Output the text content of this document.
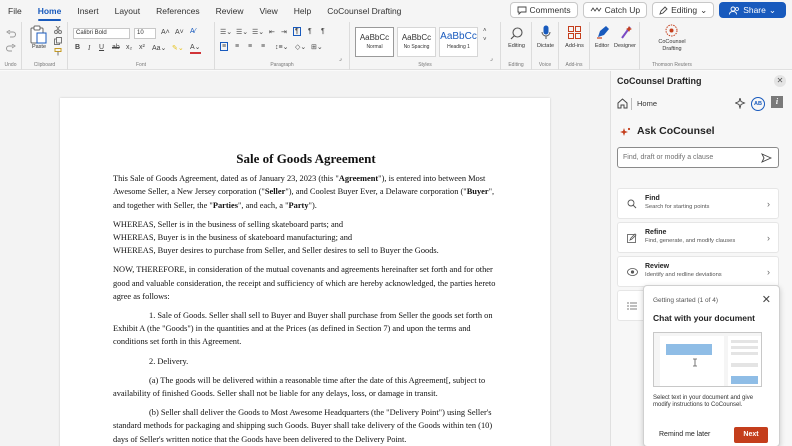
File	Home	Insert	Layout	References	Review	View	Help	CoCounsel Drafting	Comments	Catch Up	Editing ⌄	Share ⌄
Undo
Paste
Clipboard
Calibri Bold	10	A˄ A˅ A⁄
B I U ab x₂ x² Aa⌄ ✎⌄ A⌄
Font
☰⌄ ☰⌄ ☰⌄ ⇤ ⇥ ¶ ¶ ¶
≡ ≡ ≡ ≡ ↕≡⌄ ◇⌄ ⊞⌄
⌟
Paragraph
AaBbCc
Normal
AaBbCc
No Spacing
AaBbCc
Heading 1
˄
˅
⌟
Styles
Editing
Editing
Dictate
Voice
Add-ins
Add-ins
Editor Designer
CoCounsel
Drafting
Thomson Reuters
Sale of Goods Agreement

This Sale of Goods Agreement, dated as of January 23, 2023 (this "Agreement"), is entered into between Most Awesome Seller, a New Jersey corporation ("Seller"), and Coolest Buyer Ever, a Delaware corporation ("Buyer", and together with Seller, the "Parties", and each, a "Party").

WHEREAS, Seller is in the business of selling skateboard parts; and

WHEREAS, Buyer is in the business of skateboard manufacturing; and

WHEREAS, Buyer desires to purchase from Seller, and Seller desires to sell to Buyer the Goods.

NOW, THEREFORE, in consideration of the mutual covenants and agreements hereinafter set forth and for other good and valuable consideration, the receipt and sufficiency of which are hereby acknowledged, the parties hereto agree as follows:

1. Sale of Goods. Seller shall sell to Buyer and Buyer shall purchase from Seller the goods set forth on Exhibit A (the "Goods") in the quantities and at the Prices (as defined in Section 7) and upon the terms and conditions set forth in this Agreement.

2. Delivery.

(a) The goods will be delivered within a reasonable time after the date of this Agreement[, subject to availability of finished Goods. Seller shall not be liable for any delays, loss, or damage in transit.

(b) Seller shall deliver the Goods to Most Awesome Headquarters (the "Delivery Point") using Seller's standard methods for packaging and shipping such Goods. Buyer shall take delivery of the Goods within ten (10) days of Seller's written notice that the Goods have been delivered to the Delivery Point.

CoCounsel Drafting	✕
Home	AB	i
Ask CoCounsel
Find, draft or modify a clause
Find
Search for starting points	›
Refine
Find, generate, and modify clauses	›
Review
Identify and redline deviations	›
Getting started (1 of 4)	✕
Chat with your document
Select text in your document and give modify instructions to CoCounsel.
Remind me later	Next
